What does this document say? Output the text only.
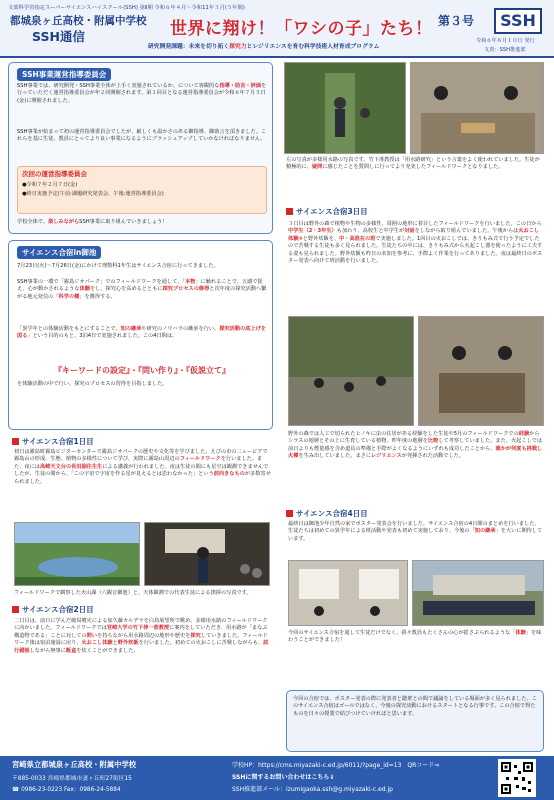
文部科学省指定スーパーサイエンスハイスクール(SSH) 第Ⅱ期 令和６年４月～令和11年３月(５年間)
都城泉ヶ丘高校・附属中学校
SSH通信	世界に翔け！「ワシの子」たち！
研究開発課題：未来を切り拓く探究力とレジリエンスを育む科学技術人材育成プログラム
第３号	SSH
令和６年８月１０日 発行
文責：SSH推進部
SSH事業運営指導委員会
SSH事業では、研究開発・SSH事業全体が上手く実施されているか、について客観的な指導・助言・評価を行っていただく運営指導委員会が年２回開催されます。第１回目となる運営指導委員会が令和６年７月５日(金)に開催されました。
SSH事業が始まって初の運営指導委員会でしたが、厳しくも温かさのある御指導、御助言を頂きました。これらを基に生徒、教員にとってより良い事業になるようにブラッシュアップしていかなければなりません。
次回の運営指導委員会
●令和７年２月７日(金)
●終日実施予定(午前:課題研究発表会、午後:運営指導委員会)
学校全体で、楽しみながらSSH事業に取り組んでいきましょう！
サイエンス合宿in御池
7月23日(火)～7月26日(金)にかけて理数科1年生はサイエンス合宿に行ってきました。
SSH事業の一環で「霧島ジオパーク」でのフィールドワークを通して、「本物」に触れることで、五感で捉え、心が動かされるような体験をし、探究心を高めるとともに探究プロセスの修得と次年度の探究活動へ繋がる地元発信の「科学の種」を獲得する。
「異学年との体験活動をもとにすることで、知の継承や研究のノウハウの継承を行い、探究活動の底上げを図る」という目的のもと、3泊4日で実施されました。この4日間は、
『キーワードの設定』・『問い作り』・『仮説立て』
を体験活動の中で行い、探究のプロセスの習得を目指しました。
サイエンス合宿1日目
初日は霧島町霧島ビジターセンターで霧島ジオパークの歴史や文化等を学びました。えびの市の二ュービアで霧島山の形成、生態、植物の多様性について学び、実際に霧島山周辺のフィールドワークを行いました。また、夜には高崎天文台の長田副住生生による講義が行われました。夜は生徒の間にも星空は観測できませんでしたが、生徒の間から、「この宇宙で宇宙を作る星が見えるとは思わなかった」という前向きなものが多数寄せられました。
フィールドワークで観察した火山湖（六観音御池）と、天体観測での代表生徒による挨拶の写真です。
サイエンス合宿2日目
二日目は、前日に学んだ破局噴火による加久藤カルデラを白鳥展望所で眺め、多様用水路のフィールドワークに向かいました。フィールドワークでは宮崎大学の竹下伸一准教授に案内をしていただき、用水路が「まなぶ構造物である」ことに対しての問いを持ちながら用水路周辺の地形や歴史を探究していきました。フィールドワーク後は宿泊施設に戻り、火おこし体験と野外炊飯を行いました。初めての火おこしに苦戦しながらも、試行錯誤しながら無事に飯盒を炊くことができました。
左の写真が多様用水路の写真です。竹下准教授は「用水路研究」という言葉をよく使われていました。生徒が積極的に、疑問に感じたことを質問しに行ってより充実したフィールドワークとなりました。
サイエンス合宿3日目
３日目は野外の森で植物や生物の多様性、周囲の地形に着目したフィールドワークを行いました。この日から中学生（2・3年生）も加わり、高校生と中学生が対話をしながら取り組んでいました。午後からは火おこし体験②と野外炊飯を、中・高混在の班で実施しました。1回目の火おこしでは、きりもみ式で行う予定でしたので苦戦する生徒も多く見られました。生徒たちの中には、きりもみ式から火起こし器を使ったように工夫する姿も見られました。野外炊飯も昨日の未知を参考に、手際よく作業を行ってありました。夜は最終日のポスター発表へ向けて班活動を行いました。
野外の森では人工で切られたヒノキに虫の住居がある経験をした生徒や5月のフィールドワークでの経験からシラスの地層とその上に生育している植物、昨年度の地層を比較して考察していました。また、火起こしでは前日よりも煙量感を含め道具の準備と手際がよくなるようにいずれも成功したことから、誰かが何度も挑戦し火種を生み出していました。まさにレジリエンスが発揮された活動でした。
サイエンス合宿4日目
最終日は御池少年自然の家でポスター発表会を行いました。サイエンス合宿の4日間のまとめを行いました。生徒たちは初めての異学年による班活動や発表も初めて実施しており、今後の「知の継承」を大いに期待しています。
今回のサイエンス合宿を通して生徒だけでなく、我々教員もたくさんの心が揺さぶられるような「体験」を味わうことができました！
今回の合宿では、ポスター発表の際に発表者と聴衆との間で議論をしている場面が多く見られました。このサイエンス合宿はゴールではなく、今後の探究活動におけるスタートとなる行事です。この合宿で得たものを日々の授業で結びつけていければと思います。
宮崎県立都城泉ヶ丘高校・附属中学校
〒885-0033 宮崎県都城市妻ヶ丘町27街区15
☎ 0986-23-0223 Fax：0986-24-5884
学校HP：https://cms.miyazaki-c.ed.jp/6011/?page_id=13　QRコード⇒
SSHに関するお問い合わせはこちら⇓
SSH推進部メール：izumigaoka.ssh@g.miyazaki-c.ed.jp
